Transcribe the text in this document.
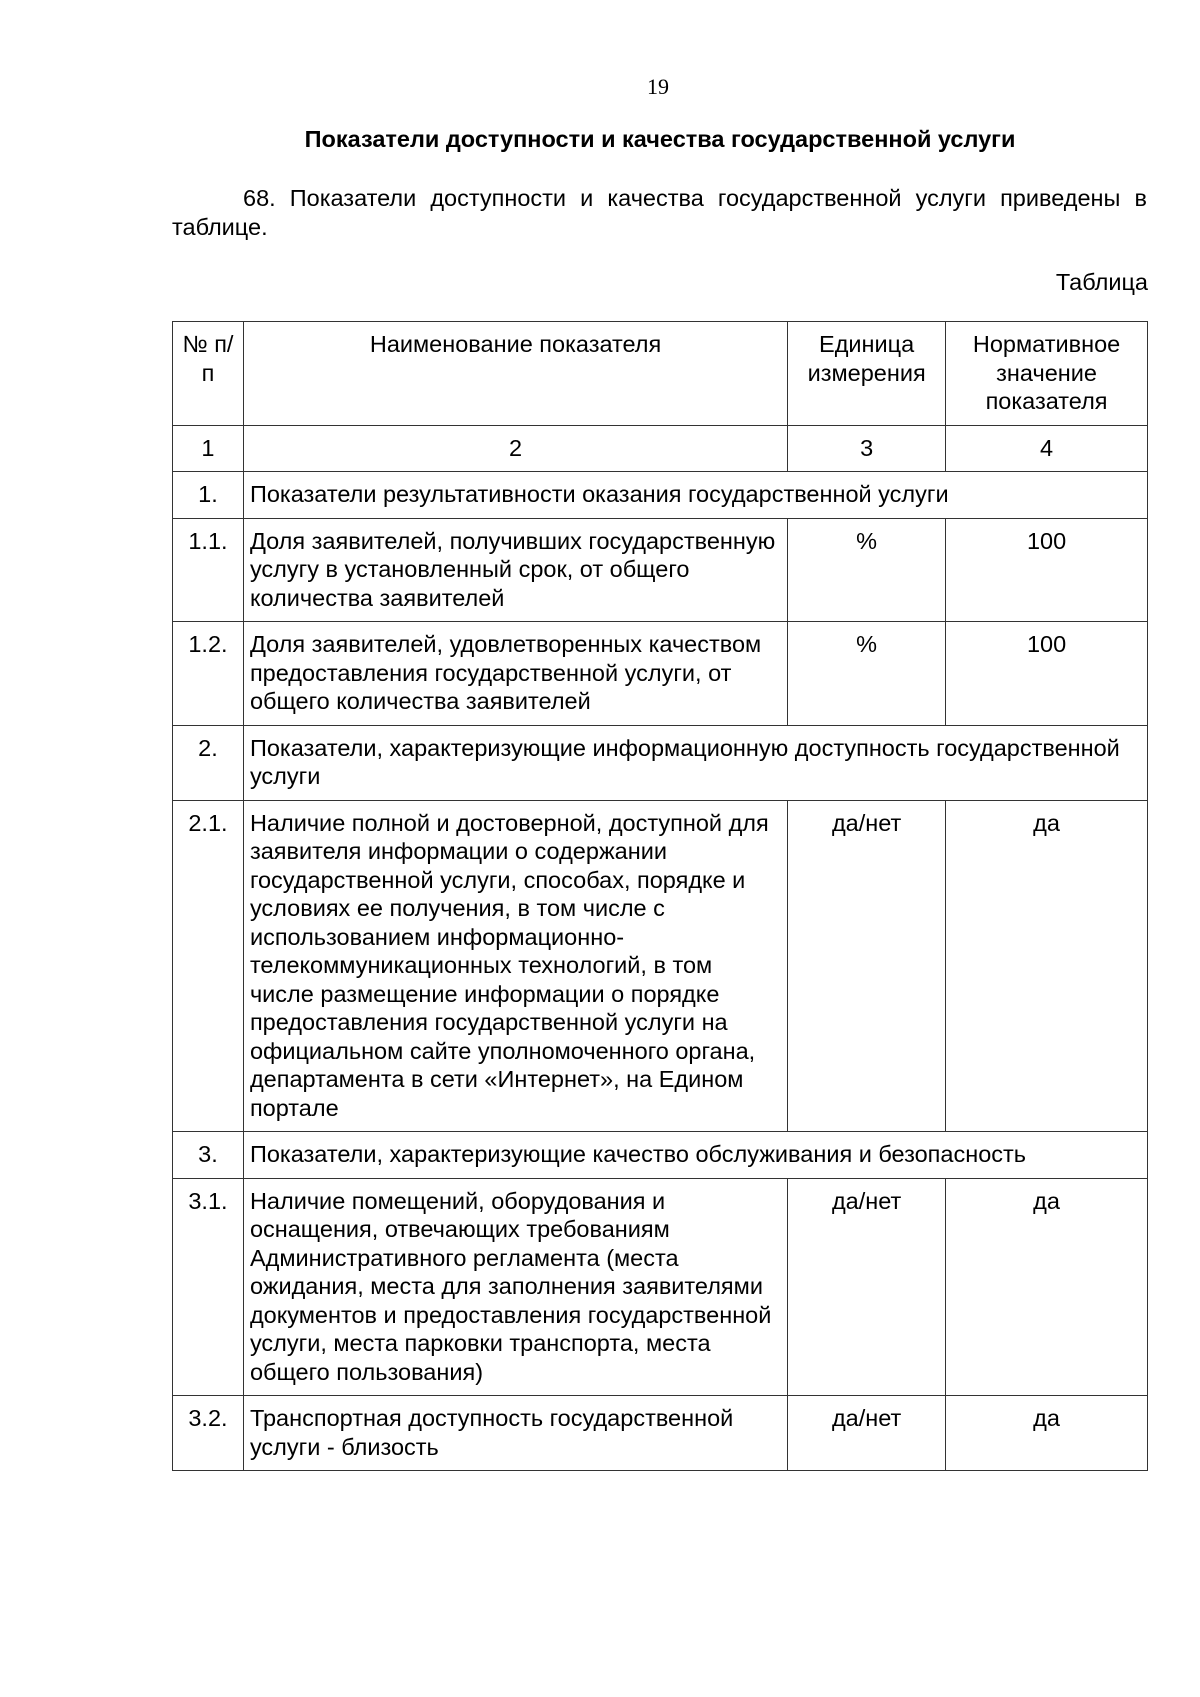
19
Показатели доступности и качества государственной услуги
68. Показатели доступности и качества государственной услуги приведены в таблице.
Таблица
№ п/п	Наименование показателя	Единица измерения	Нормативное значение показателя
1	2	3	4
1.	Показатели результативности оказания государственной услуги		
1.1.	Доля заявителей, получивших государственную услугу в установленный срок, от общего количества заявителей	%	100
1.2.	Доля заявителей, удовлетворенных качеством предоставления государственной услуги, от общего количества заявителей	%	100
2.	Показатели, характеризующие информационную доступность государственной услуги		
2.1.	Наличие полной и достоверной, доступной для заявителя информации о содержании государственной услуги, способах, порядке и условиях ее получения, в том числе с использованием информационно-телекоммуникационных технологий, в том числе размещение информации о порядке предоставления государственной услуги на официальном сайте уполномоченного органа, департамента в сети «Интернет», на Едином портале	да/нет	да
3.	Показатели, характеризующие качество обслуживания и безопасность		
3.1.	Наличие помещений, оборудования и оснащения, отвечающих требованиям Административного регламента (места ожидания, места для заполнения заявителями документов и предоставления государственной услуги, места парковки транспорта, места общего пользования)	да/нет	да
3.2.	Транспортная доступность государственной услуги - близость	да/нет	да
